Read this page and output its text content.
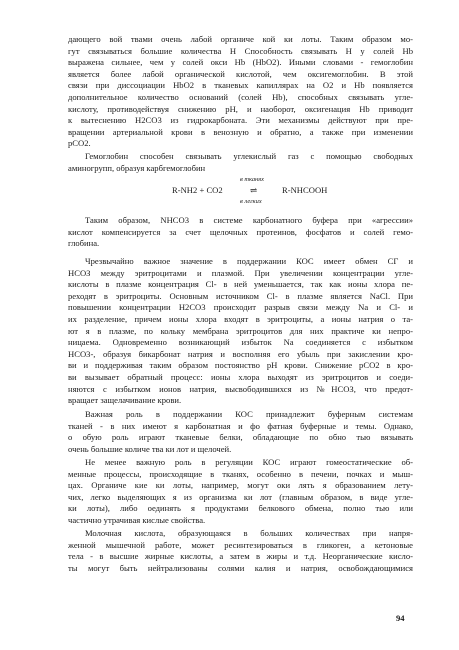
дающего вой твами очень лабой органиче кой ки лоты. Таким образом мо-
гут связываться большие количества Н Способность связывать Н у солей Hb
выражена сильнее, чем у солей окси Hb (HbO2). Иными словами - гемоглобин
является более лабой органической кислотой, чем оксигемоглобин. В этой
связи при диссоциации HbO2 в тканевых капиллярах на O2 и Hb появляется
дополнительное количество оснований (солей Hb), способных связывать угле-
кислоту, противодействуя снижению pH, и наоборот, оксигенация Hb приводит
к вытеснению H2CO3 из гидрокарбоната. Эти механизмы действуют при пре-
вращении артериальной крови в венозную и обратно, а также при изменении
pCO2.
Гемоглобин способен связывать углекислый газ с помощью свободных
аминогрупп, образуя карбгемоглобин
в тканях
R-NH2 + CO2	⇌	R-NHCOOH
в легких
Таким образом, NHCO3 в системе карбонатного буфера при «агрессии»
кислот компенсируется за счет щелочных протеинов, фосфатов и солей гемо-
глобина.
Чрезвычайно важное значение в поддержании КОС имеет обмен СГ и
НСОЗ между эритроцитами и плазмой. При увеличении концентрации угле-
кислоты в плазме концентрация Cl- в ней уменьшается, так как ионы хлора пе-
реходят в эритроциты. Основным источником Cl- в плазме является NaCl. При
повышении концентрации H2CO3 происходит разрыв связи между Na и Cl- и
их разделение, причем ионы хлора входят в эритроциты, а ионы натрия о та-
ют я в плазме, по кольку мембрана эритроцитов для них практиче ки непро-
ницаема. Одновременно возникающий избыток Na соединяется с избытком
НСО3-, образуя бикарбонат натрия и восполняя его убыль при закислении кро-
ви и поддерживая таким образом постоянство pH крови. Снижение pCO2 в кро-
ви вызывает обратный процесс: ионы хлора выходят из эритроцитов и соеди-
няются с избытком ионов натрия, высвободившихся из №НСОЗ, что предот-
вращает защелачивание крови.
Важная роль в поддержании КОС принадлежит буферным системам
тканей - в них имеют я карбонатная и фо фатная буферные и темы. Однако,
о обую роль играют тканевые белки, обладающие по обно тью вязывать
очень большие количе тва ки лот и щелочей.
Не менее важную роль в регуляции КОС играют гомеостатические об-
менные процессы, происходящие в тканях, особенно в печени, почках и мыш-
цах. Органиче кие ки лоты, например, могут оки лять я образованием лету-
чих, легко выделяющих я из организма ки лот (главным образом, в виде угле-
ки лоты), либо оединять я продуктами белкового обмена, полно тью или
частично утрачивая кислые свойства.
Молочная кислота, образующаяся в больших количествах при напря-
женной мышечной работе, может ресинтезироваться в гликоген, а кетоновые
тела - в высшие жирные кислоты, а затем в жиры и т.д. Неорганические кисло-
ты могут быть нейтрализованы солями калия и натрия, освобождающимися
94
